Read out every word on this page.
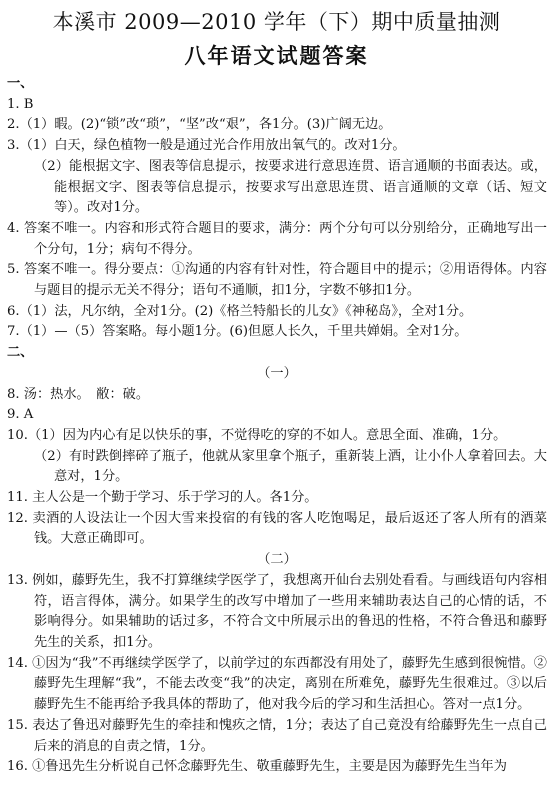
本溪市 2009—2010 学年（下）期中质量抽测
八年语文试题答案
一、
1. B
2.（1）暇。(2)“锁”改“琐”，“坚”改“艰”，各1分。(3)广阔无边。
3.（1）白天，绿色植物一般是通过光合作用放出氧气的。改对1分。
（2）能根据文字、图表等信息提示，按要求进行意思连贯、语言通顺的书面表达。或，能根据文字、图表等信息提示，按要求写出意思连贯、语言通顺的文章（话、短文等）。改对1分。
4. 答案不唯一。内容和形式符合题目的要求，满分：两个分句可以分别给分，正确地写出一个分句，1分；病句不得分。
5. 答案不唯一。得分要点：①沟通的内容有针对性，符合题目中的提示；②用语得体。内容与题目的提示无关不得分；语句不通顺，扣1分，字数不够扣1分。
6.（1）法，凡尔纳，全对1分。(2)《格兰特船长的儿女》《神秘岛》，全对1分。
7.（1）—（5）答案略。每小题1分。(6)但愿人长久，千里共婵娟。全对1分。
二、
（一）
8. 汤：热水。　敝：破。
9. A
10.（1）因为内心有足以快乐的事，不觉得吃的穿的不如人。意思全面、准确，1分。
（2）有时跌倒摔碎了瓶子，他就从家里拿个瓶子，重新装上酒，让小仆人拿着回去。大意对，1分。
11. 主人公是一个勤于学习、乐于学习的人。各1分。
12. 卖酒的人设法让一个因大雪来投宿的有钱的客人吃饱喝足，最后返还了客人所有的酒菜钱。大意正确即可。
（二）
13. 例如，藤野先生，我不打算继续学医学了，我想离开仙台去别处看看。与画线语句内容相符，语言得体，满分。如果学生的改写中增加了一些用来辅助表达自己的心情的话，不影响得分。如果辅助的话过多，不符合文中所展示出的鲁迅的性格，不符合鲁迅和藤野先生的关系，扣1分。
14. ①因为“我”不再继续学医学了，以前学过的东西都没有用处了，藤野先生感到很惋惜。②藤野先生理解“我”，不能去改变“我”的决定，离别在所难免，藤野先生很难过。③以后藤野先生不能再给予我具体的帮助了，他对我今后的学习和生活担心。答对一点1分。
15. 表达了鲁迅对藤野先生的牵挂和愧疚之情，1分；表达了自己竟没有给藤野先生一点自己后来的消息的自责之情，1分。
16. ①鲁迅先生分析说自己怀念藤野先生、敬重藤野先生，主要是因为藤野先生当年为
